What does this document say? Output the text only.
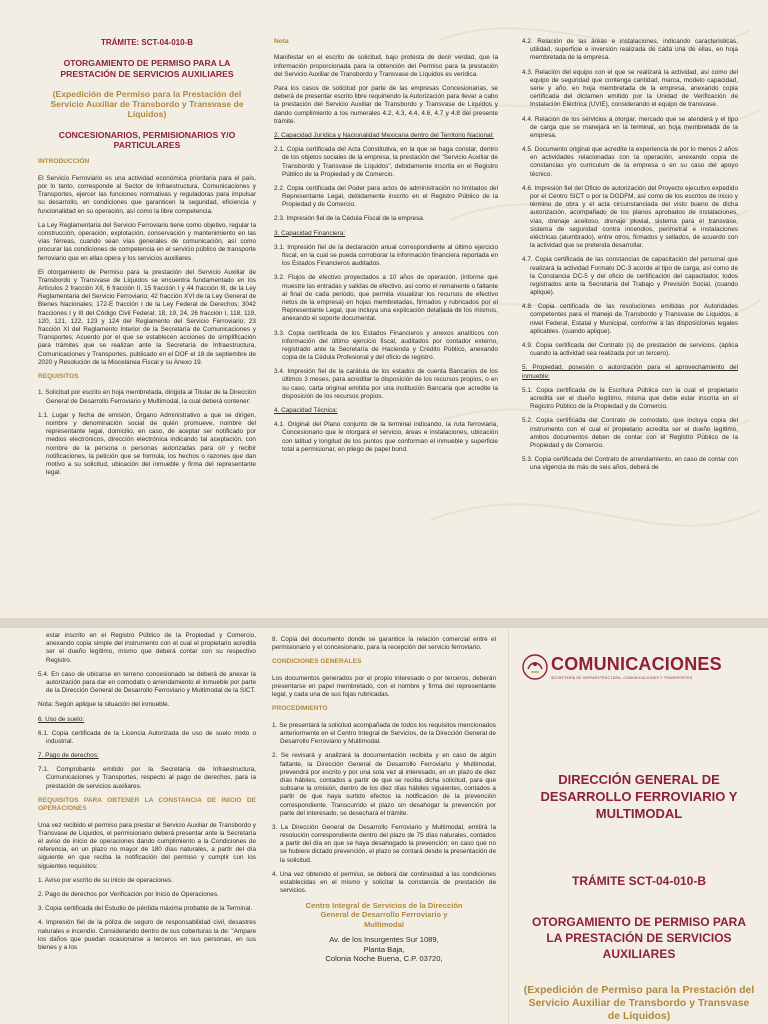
TRÁMITE: SCT-04-010-B
OTORGAMIENTO DE PERMISO PARA LA PRESTACIÓN DE SERVICIOS AUXILIARES
(Expedición de Permiso para la Prestación del Servicio Auxiliar de Transbordo y Transvase de Líquidos)
CONCESIONARIOS, PERMISIONARIOS Y/O PARTICULARES
INTRODUCCIÓN

El Servicio Ferroviario es una actividad económica prioritaria para el país, por lo tanto, corresponde al Sector de Infraestructura, Comunicaciones y Transportes, ejercer las funciones normativas y reguladoras para impulsar su desarrollo, en condiciones que garanticen la seguridad, eficiencia y funcionalidad en su operación, así como la libre competencia.

La Ley Reglamentaria del Servicio Ferroviario tiene como objetivo, regular la construcción, operación, explotación, conservación y mantenimiento en las vías férreas, cuando sean vías generales de comunicación, así como procurar las condiciones de competencia en el servicio público de transporte ferroviario que en ellas opera y los servicios auxiliares.

El otorgamiento de Permiso para la prestación del Servicio Auxiliar de Transbordo y Transvase de Líquidos se encuentra fundamentado en los Artículos 2 fracción XII, 6 fracción II, 15 fracción I y 44 fracción III, de la Ley Reglamentaria del Servicio Ferroviario; 42 fracción XVI de la Ley General de Bienes Nacionales; 172-E fracción I de la Ley Federal de Derechos; 3042 fracciones I y III del Código Civil Federal; 18, 19, 24, 26 fracción I, 118, 119, 120, 121, 122, 123 y 124 del Reglamento del Servicio Ferroviario; 23 fracción XI del Reglamento Interior de la Secretaría de Comunicaciones y Transportes; Acuerdo por el que se establecen acciones de simplificación para trámites que se realizan ante la Secretaría de Infraestructura, Comunicaciones y Transportes, publicado en el DOF el 18 de septiembre de 2020 y Resolución de la Miscelánea Fiscal y su Anexo 19.

REQUISITOS

1. Solicitud por escrito en hoja membretada, dirigida al Titular de la Dirección General de Desarrollo Ferroviario y Multimodal, la cual deberá contener:

1.1. Lugar y fecha de emisión, Órgano Administrativo a que se dirigen, nombre y denominación social de quién promueve, nombre del representante legal, domicilio, en caso, de aceptar ser notificado por medios electrónicos, dirección electrónica indicando tal aceptación, con nombre de la persona o personas autorizadas para oír y recibir notificaciones, la petición que se formula, los hechos o razones que dan motivo a su solicitud, ubicación del inmueble y firma del representante legal.

Nota

Manifestar en el escrito de solicitud, bajo protesta de decir verdad, que la información proporcionada para la obtención del Permiso para la prestación del Servicio Auxiliar de Transbordo y Transvase de Líquidos es verídica.

Para los casos de solicitud por parte de las empresas Concesionarias, se deberá de presentar escrito libre requiriendo la Autorización para llevar a cabo la prestación del Servicio Auxiliar de Transbordo y Transvase de Líquidos y dando cumplimiento a los numerales 4.2, 4.3, 4.4, 4.6, 4.7 y 4.8 del presente trámite.

2. Capacidad Jurídica y Nacionalidad Mexicana dentro del Territorio Nacional:

2.1. Copia certificada del Acta Constitutiva, en la que se haga constar, dentro de los objetos sociales de la empresa, la prestación del "Servicio Auxiliar de Transbordo y Transvase de Líquidos", debidamente inscrita en el Registro Público de la Propiedad y de Comercio.

2.2. Copia certificada del Poder para actos de administración no limitados del Representante Legal, debidamente inscrito en el Registro Público de la Propiedad y de Comercio.

2.3. Impresión fiel de la Cédula Fiscal de la empresa.

3. Capacidad Financiera:

3.1. Impresión fiel de la declaración anual correspondiente al último ejercicio fiscal, en la cual se pueda corroborar la información financiera reportada en los Estados Financieros auditados.

3.2. Flujos de efectivo proyectados a 10 años de operación, (informe que muestre las entradas y salidas de efectivo, así como el remanente o faltante al final de cada periodo, que permita visualizar los recursos de efectivo netos de la empresa) en hojas membretadas, firmados y rubricados por el Representante Legal, que incluya una explicación detallada de los mismos, anexando el soporte documental.

3.3. Copia certificada de los Estados Financieros y anexos analíticos con información del último ejercicio fiscal, auditados por contador externo, registrado ante la Secretaría de Hacienda y Crédito Público, anexando copia de la Cédula Profesional y del oficio de registro.

3.4. Impresión fiel de la carátula de los estados de cuenta Bancarios de los últimos 3 meses, para acreditar la disposición de los recursos propios, o en su caso, carta original emitida por una institución Bancaria que acredite la disposición de los recursos propios.

4. Capacidad Técnica:

4.1. Original del Plano conjunto de la terminal indicando, la ruta ferroviaria, Concesionario que le otorgará el servicio, áreas e instalaciones, ubicación con latitud y longitud de los puntos que conforman el inmueble y superficie total a permisionar, en pliego de papel bond.

4.2. Relación de las áreas e instalaciones, indicando características, utilidad, superficie e inversión realizada de cada una de ellas, en hoja membretada de la empresa.

4.3. Relación del equipo con el que se realizará la actividad, así como del equipo de seguridad que contenga cantidad, marca, modelo capacidad, serie y año, en hoja membretada de la empresa, anexando copia certificada del dictamen emitido por la Unidad de Verificación de Instalación Eléctrica (UVIE), considerando el equipo de transvase.

4.4. Relación de los servicios a otorgar, mercado que se atenderá y el tipo de carga que se manejará en la terminal, en hoja membretada de la empresa.

4.5. Documento original que acredite la experiencia de por lo menos 2 años en actividades relacionadas con la operación, anexando copia de constancias y/o curriculum de la empresa o en su caso del apoyo técnico.

4.6. Impresión fiel del Oficio de autorización del Proyecto ejecutivo expedido por el Centro SICT o por la DGDFM, así como de los escritos de inicio y término de obra y el acta circunstanciada del visto bueno de dicha autorización, acompañado de los planos aprobados de instalaciones, vías, drenaje aceitoso, drenaje pluvial, sistema para el transvase, sistema de seguridad contra incendios, perimetral e instalaciones eléctricas (alumbrado), entre otros, firmados y sellados, de acuerdo con la actividad que se pretenda desarrollar.

4.7. Copia certificada de las constancias de capacitación del personal que realizará la actividad Formato DC-3 acorde al tipo de carga, así como de la Constancia DC-5 y del oficio de certificación del capacitador, todos registrados ante la Secretaría del Trabajo y Previsión Social. (cuando aplique).

4.8. Copia certificada de las resoluciones emitidas por Autoridades competentes para el manejo de Transbordo y Transvase de Líquidos, a nivel Federal, Estatal y Municipal, conforme a las disposiciones legales aplicables. (cuando aplique).

4.9. Copia certificada del Contrato (s) de prestación de servicios. (aplica cuando la actividad sea realizada por un tercero).

5. Propiedad, posesión o autorización para el aprovechamiento del inmueble:

5.1. Copia certificada de la Escritura Pública con la cual el propietario acredita ser el dueño legítimo, misma que debe estar inscrita en el Registro Público de la Propiedad y de Comercio.

5.2. Copia certificada del Contrato de comodato, que incluya copia del instrumento con el cual el propietario acredita ser el dueño legítimo, ambos documentos deben de contar con el Registro Público de la Propiedad y de Comercio.

5.3. Copia certificada del Contrato de arrendamiento, en caso de contar con una vigencia de más de seis años, deberá de

estar inscrito en el Registro Público de la Propiedad y Comercio, anexando copia simple del instrumento con el cual el propietario acredita ser el dueño legítimo, mismo que deberá contar con su respectivo Registro.

5.4. En caso de ubicarse en terreno concesionado se deberá de anexar la autorización para dar en comodato o arrendamiento el inmueble por parte de la Dirección General de Desarrollo Ferroviario y Multimodal de la SICT.

Nota: Según aplique la situación del inmueble.

6. Uso de suelo:

6.1. Copia certificada de la Licencia Autorizada de uso de suelo mixto o industrial.

7. Pago de derechos:

7.1. Comprobante emitido por la Secretaría de Infraestructura, Comunicaciones y Transportes, respecto al pago de derechos, para la prestación de servicios auxiliares.

REQUISITOS PARA OBTENER LA CONSTANCIA DE INICIO DE OPERACIONES

Una vez recibido el permiso para prestar el Servicio Auxiliar de Transbordo y Transvase de Líquidos, el permisionario deberá presentar ante la Secretaría el aviso de inicio de operaciones dando cumplimiento a la Condiciones de referencia, en un plazo no mayor de 180 días naturales, a partir del día siguiente en que reciba la notificación del permiso y cumplir con los siguientes requisitos:

1. Aviso por escrito de su inicio de operaciones.

2. Pago de derechos por Verificación por Inicio de Operaciones.

3. Copia certificada del Estudio de pérdida máxima probable de la Terminal.

4. Impresión fiel de la póliza de seguro de responsabilidad civil, desastres naturales e incendio. Considerando dentro de sus coberturas la de: "Ampare los daños que puedan ocasionarse a terceros en sus personas, en sus bienes y a los

8. Copia del documento donde se garantice la relación comercial entre el permisionario y el concesionario, para la recepción del servicio ferroviario.

CONDICIONES GENERALES

Los documentos generados por el propio interesado o por terceros, deberán presentarse en papel membretado, con el nombre y firma del representante legal, y cada una de sus fojas rubricadas.

PROCEDIMIENTO

1. Se presentará la solicitud acompañada de todos los requisitos mencionados anteriormente en el Centro Integral de Servicios, de la Dirección General de Desarrollo Ferroviario y Multimodal.

2. Se revisará y analizará la documentación recibida y en caso de algún faltante, la Dirección General de Desarrollo Ferroviario y Multimodal, prevendrá por escrito y por una sola vez al interesado, en un plazo de diez días hábiles, contados a partir de que se reciba dicha solicitud, para que subsane la omisión, dentro de los diez días hábiles siguientes, contados a partir de que haya surtido efectos la notificación de la prevención correspondiente. Transcurrido el plazo sin desahogar la prevención por parte del interesado, se desechará el trámite.

3. La Dirección General de Desarrollo Ferroviario y Multimodal, emitirá la resolución correspondiente dentro del plazo de 75 días naturales, contados a partir del día en que se haya desahogado la prevención; en caso que no se hubiere dictado prevención, el plazo se contará desde la presentación de la solicitud.

4. Una vez obtenido el permiso, se deberá dar continuidad a las condiciones establecidas en el mismo y solicitar la constancia de prestación de servicios.

Centro Integral de Servicios de la Dirección General de Desarrollo Ferroviario y Multimodal
Av. de los Insurgentes Sur 1089,
Planta Baja,
Colonia Noche Buena, C.P. 03720,
COMUNICACIONES
SECRETARÍA DE INFRAESTRUCTURA, COMUNICACIONES Y TRANSPORTES
DIRECCIÓN GENERAL DE DESARROLLO FERROVIARIO Y MULTIMODAL
TRÁMITE SCT-04-010-B
OTORGAMIENTO DE PERMISO PARA LA PRESTACIÓN DE SERVICIOS AUXILIARES
(Expedición de Permiso para la Prestación del Servicio Auxiliar de Transbordo y Transvase de Líquidos)
